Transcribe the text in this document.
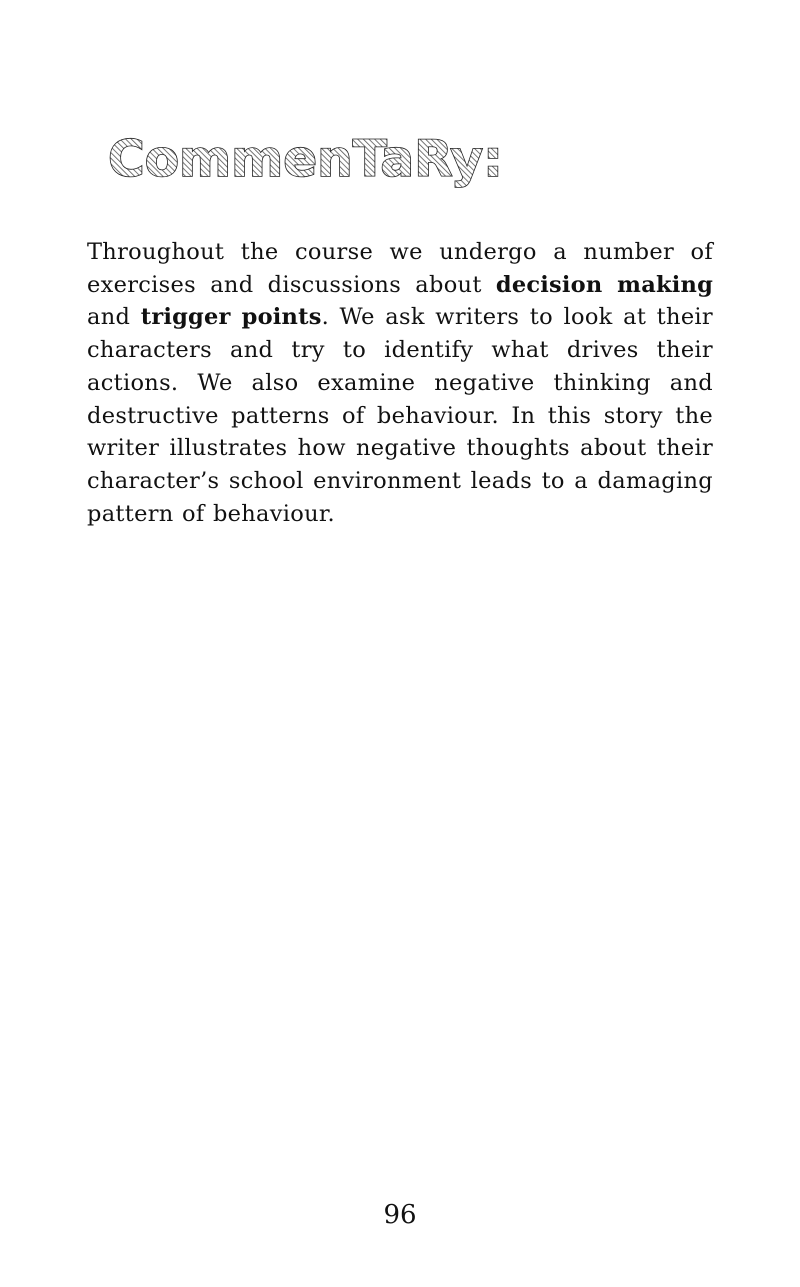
CommenTaRy:

Throughout the course we undergo a number of exercises and discussions about decision making and trigger points. We ask writers to look at their characters and try to identify what drives their actions. We also examine negative thinking and destructive patterns of behaviour. In this story the writer illustrates how negative thoughts about their character’s school environment leads to a damaging pattern of behaviour.

96
